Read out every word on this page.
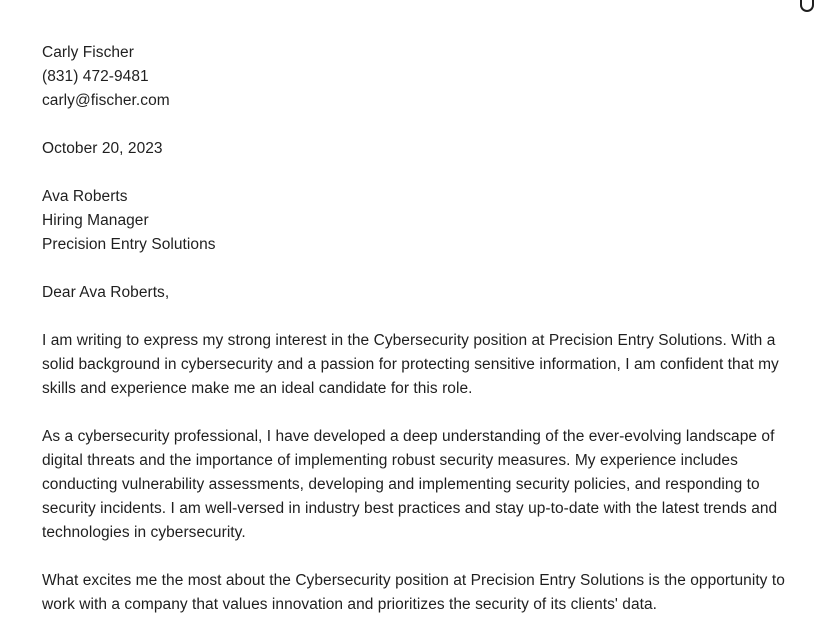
Carly Fischer
(831) 472-9481
carly@fischer.com
October 20, 2023
Ava Roberts
Hiring Manager
Precision Entry Solutions
Dear Ava Roberts,

I am writing to express my strong interest in the Cybersecurity position at Precision Entry Solutions. With a solid background in cybersecurity and a passion for protecting sensitive information, I am confident that my skills and experience make me an ideal candidate for this role.

As a cybersecurity professional, I have developed a deep understanding of the ever-evolving landscape of digital threats and the importance of implementing robust security measures. My experience includes conducting vulnerability assessments, developing and implementing security policies, and responding to security incidents. I am well-versed in industry best practices and stay up-to-date with the latest trends and technologies in cybersecurity.

What excites me the most about the Cybersecurity position at Precision Entry Solutions is the opportunity to work with a company that values innovation and prioritizes the security of its clients' data.
